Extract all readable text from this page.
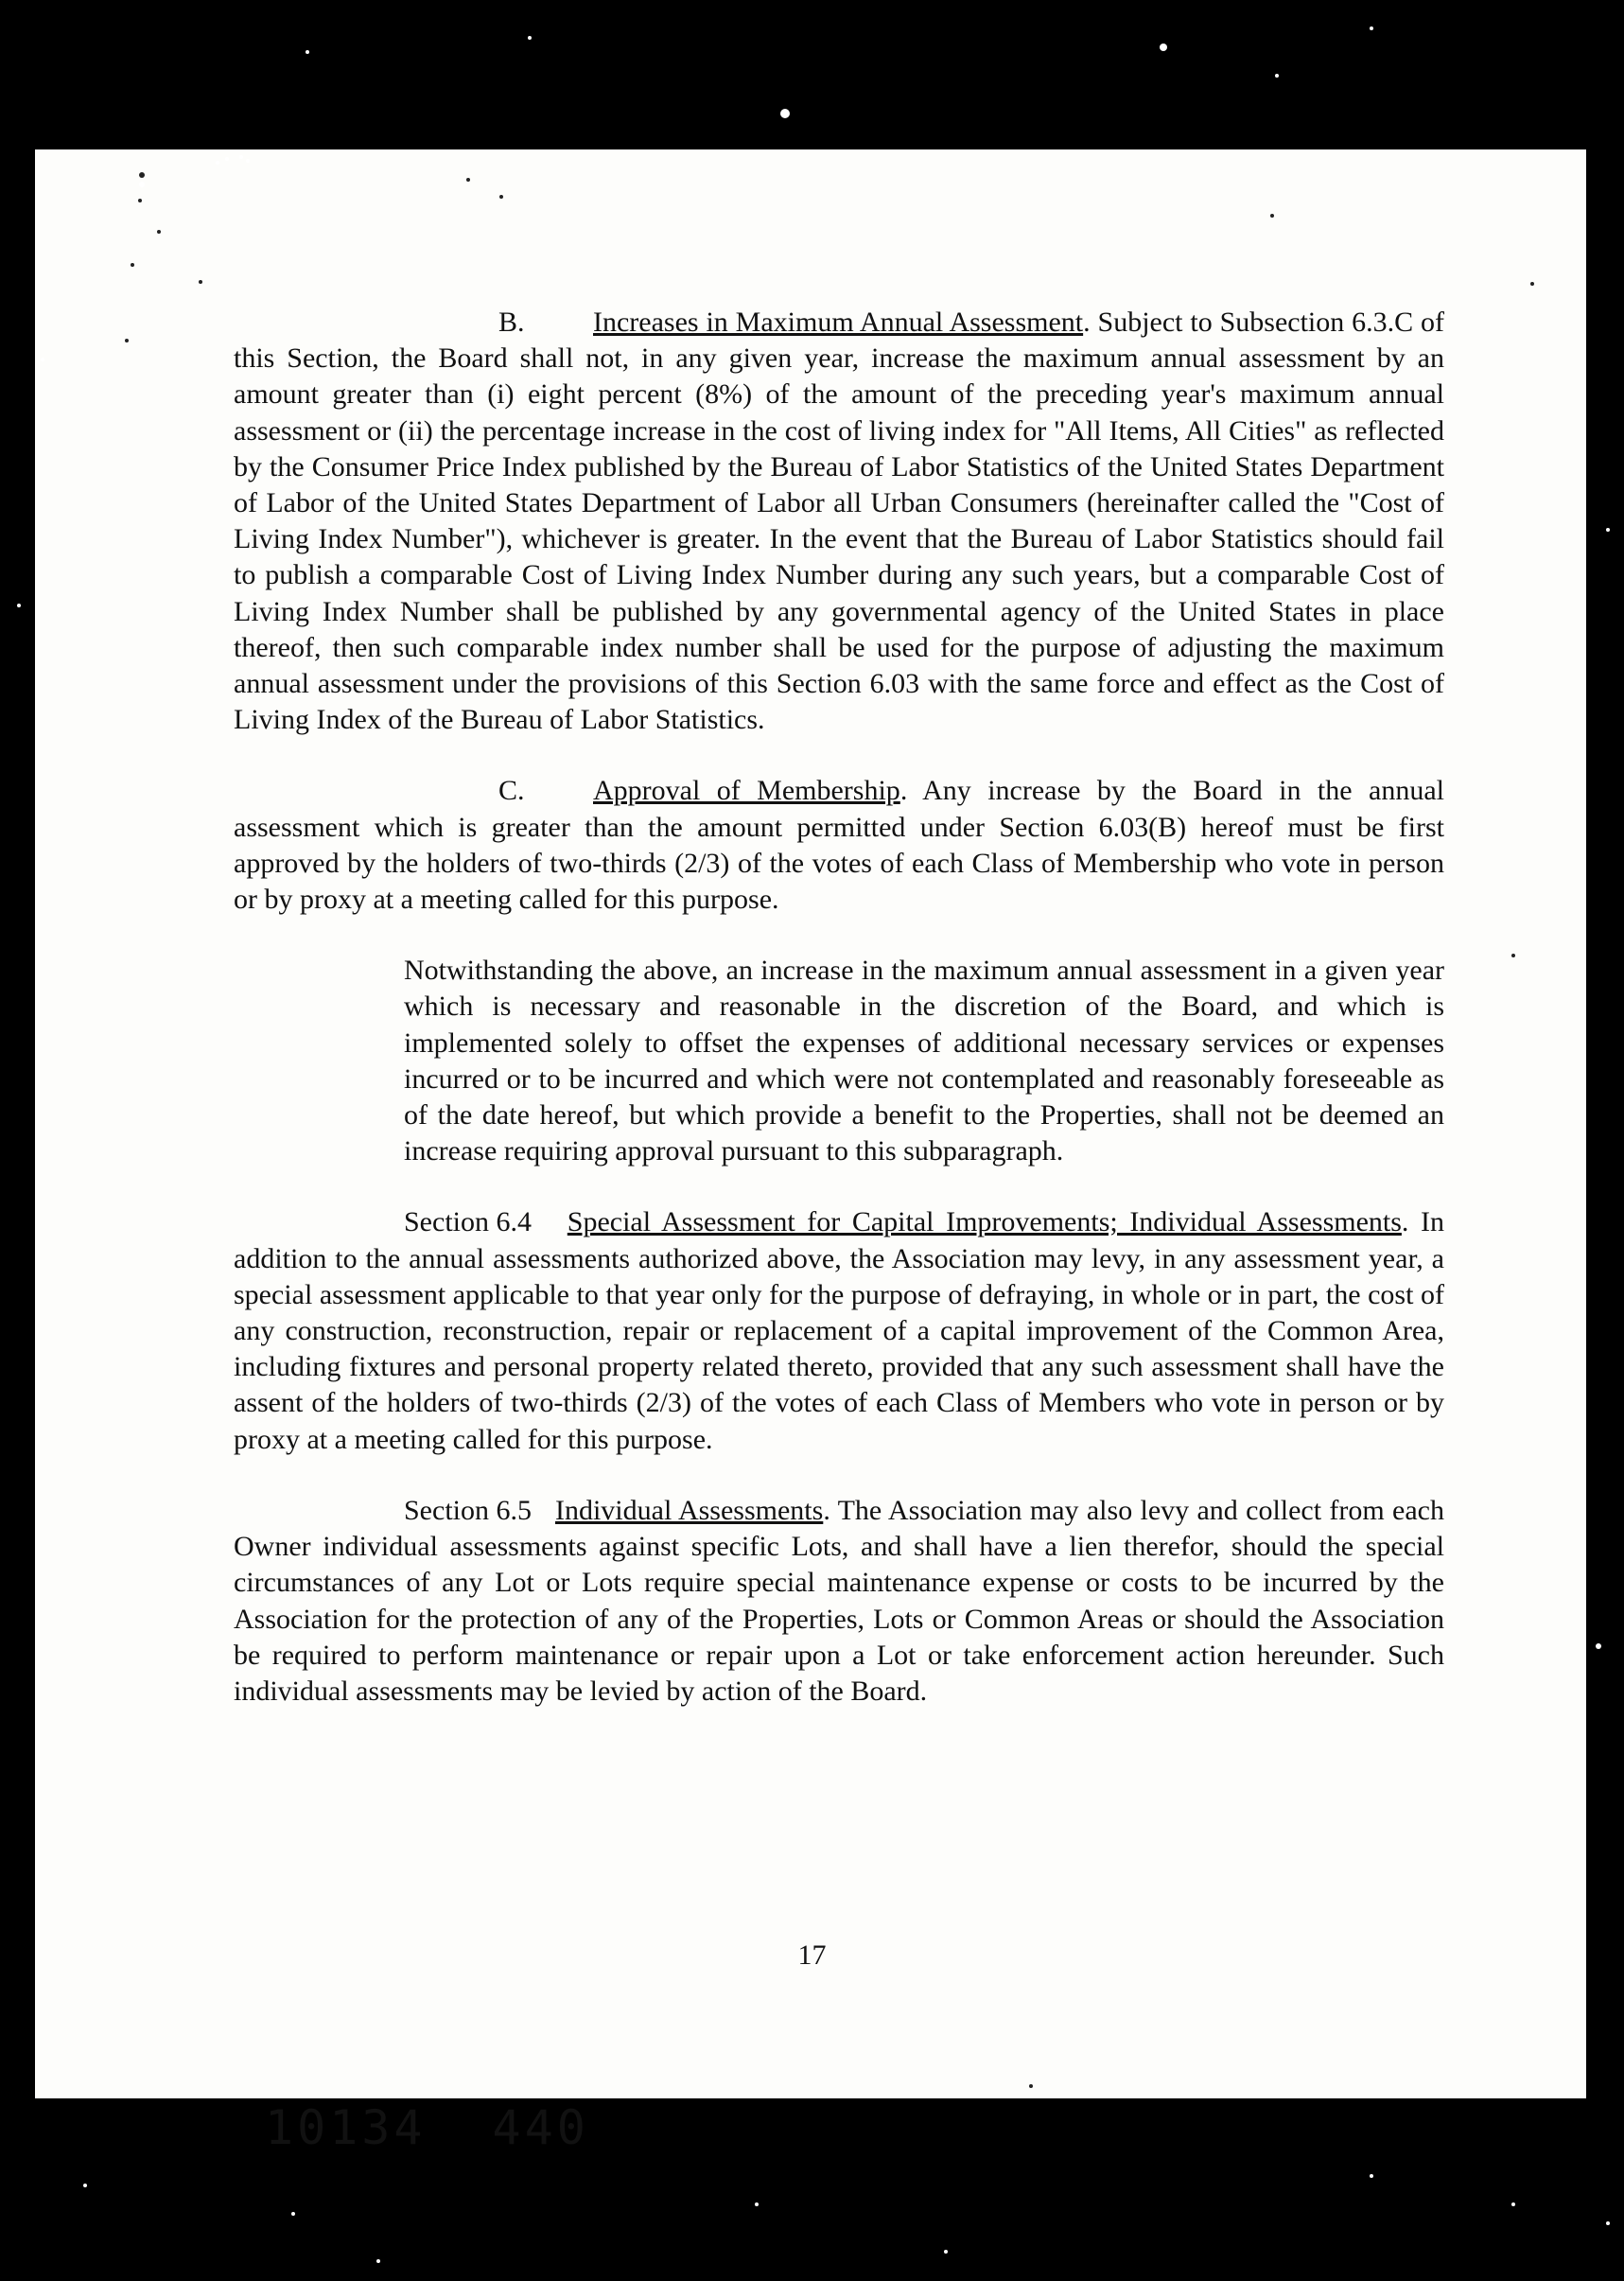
B. Increases in Maximum Annual Assessment. Subject to Subsection 6.3.C of this Section, the Board shall not, in any given year, increase the maximum annual assessment by an amount greater than (i) eight percent (8%) of the amount of the preceding year's maximum annual assessment or (ii) the percentage increase in the cost of living index for "All Items, All Cities" as reflected by the Consumer Price Index published by the Bureau of Labor Statistics of the United States Department of Labor of the United States Department of Labor all Urban Consumers (hereinafter called the "Cost of Living Index Number"), whichever is greater. In the event that the Bureau of Labor Statistics should fail to publish a comparable Cost of Living Index Number during any such years, but a comparable Cost of Living Index Number shall be published by any governmental agency of the United States in place thereof, then such comparable index number shall be used for the purpose of adjusting the maximum annual assessment under the provisions of this Section 6.03 with the same force and effect as the Cost of Living Index of the Bureau of Labor Statistics.

C. Approval of Membership. Any increase by the Board in the annual assessment which is greater than the amount permitted under Section 6.03(B) hereof must be first approved by the holders of two-thirds (2/3) of the votes of each Class of Membership who vote in person or by proxy at a meeting called for this purpose.

Notwithstanding the above, an increase in the maximum annual assessment in a given year which is necessary and reasonable in the discretion of the Board, and which is implemented solely to offset the expenses of additional necessary services or expenses incurred or to be incurred and which were not contemplated and reasonably foreseeable as of the date hereof, but which provide a benefit to the Properties, shall not be deemed an increase requiring approval pursuant to this subparagraph.

Section 6.4 Special Assessment for Capital Improvements; Individual Assessments. In addition to the annual assessments authorized above, the Association may levy, in any assessment year, a special assessment applicable to that year only for the purpose of defraying, in whole or in part, the cost of any construction, reconstruction, repair or replacement of a capital improvement of the Common Area, including fixtures and personal property related thereto, provided that any such assessment shall have the assent of the holders of two-thirds (2/3) of the votes of each Class of Members who vote in person or by proxy at a meeting called for this purpose.

Section 6.5 Individual Assessments. The Association may also levy and collect from each Owner individual assessments against specific Lots, and shall have a lien therefor, should the special circumstances of any Lot or Lots require special maintenance expense or costs to be incurred by the Association for the protection of any of the Properties, Lots or Common Areas or should the Association be required to perform maintenance or repair upon a Lot or take enforcement action hereunder. Such individual assessments may be levied by action of the Board.

17
10134 440
